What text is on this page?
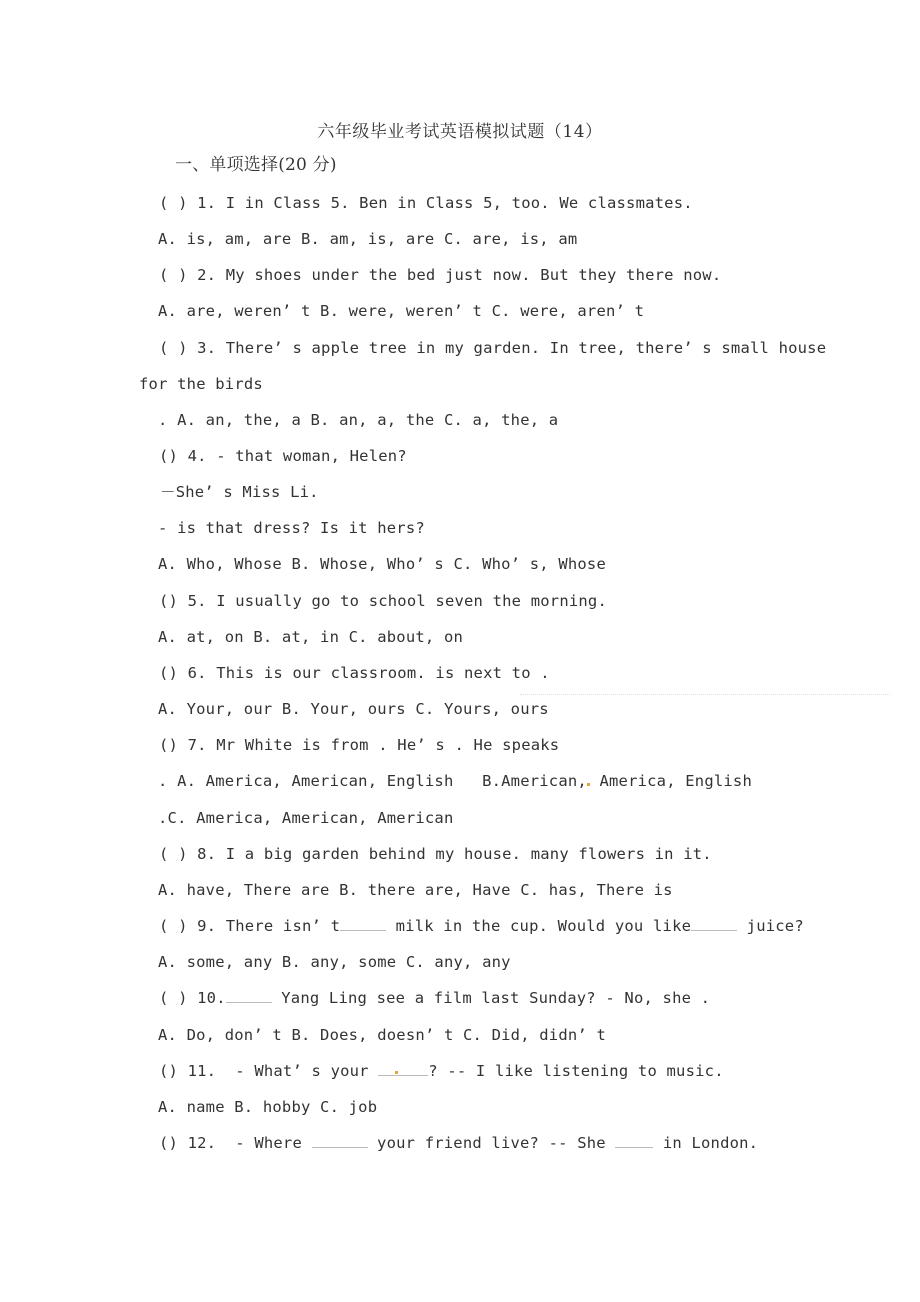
六年级毕业考试英语模拟试题（14）
一、单项选择(20 分)
( ) 1. I in Class 5. Ben in Class 5, too. We classmates.
A. is, am, are B. am, is, are C. are, is, am
( ) 2. My shoes under the bed just now. But they there now.
A. are, weren’ t B. were, weren’ t C. were, aren’ t
( ) 3. There’ s apple tree in my garden. In tree, there’ s small house
for the birds
. A. an, the, a B. an, a, the C. a, the, a
() 4. - that woman, Helen?
－She’ s Miss Li.
- is that dress? Is it hers?
A. Who, Whose B. Whose, Who’ s C. Who’ s, Whose
() 5. I usually go to school seven the morning.
A. at, on B. at, in C. about, on
() 6. This is our classroom. is next to .
A. Your, our B. Your, ours C. Yours, ours
() 7. Mr White is from . He’ s . He speaks
. A. America, American, English   B.American, America, English
.C. America, American, American
( ) 8. I a big garden behind my house. many flowers in it.
A. have, There are B. there are, Have C. has, There is
( ) 9. There isn’ t	milk in the cup. Would you like	juice?
A. some, any B. any, some C. any, any
( ) 10.	Yang Ling see a film last Sunday? - No, she .
A. Do, don’ t B. Does, doesn’ t C. Did, didn’ t
() 11.  - What’ s your	? -- I like listening to music.
A. name B. hobby C. job
() 12.  - Where	your friend live? -- She  in London.
